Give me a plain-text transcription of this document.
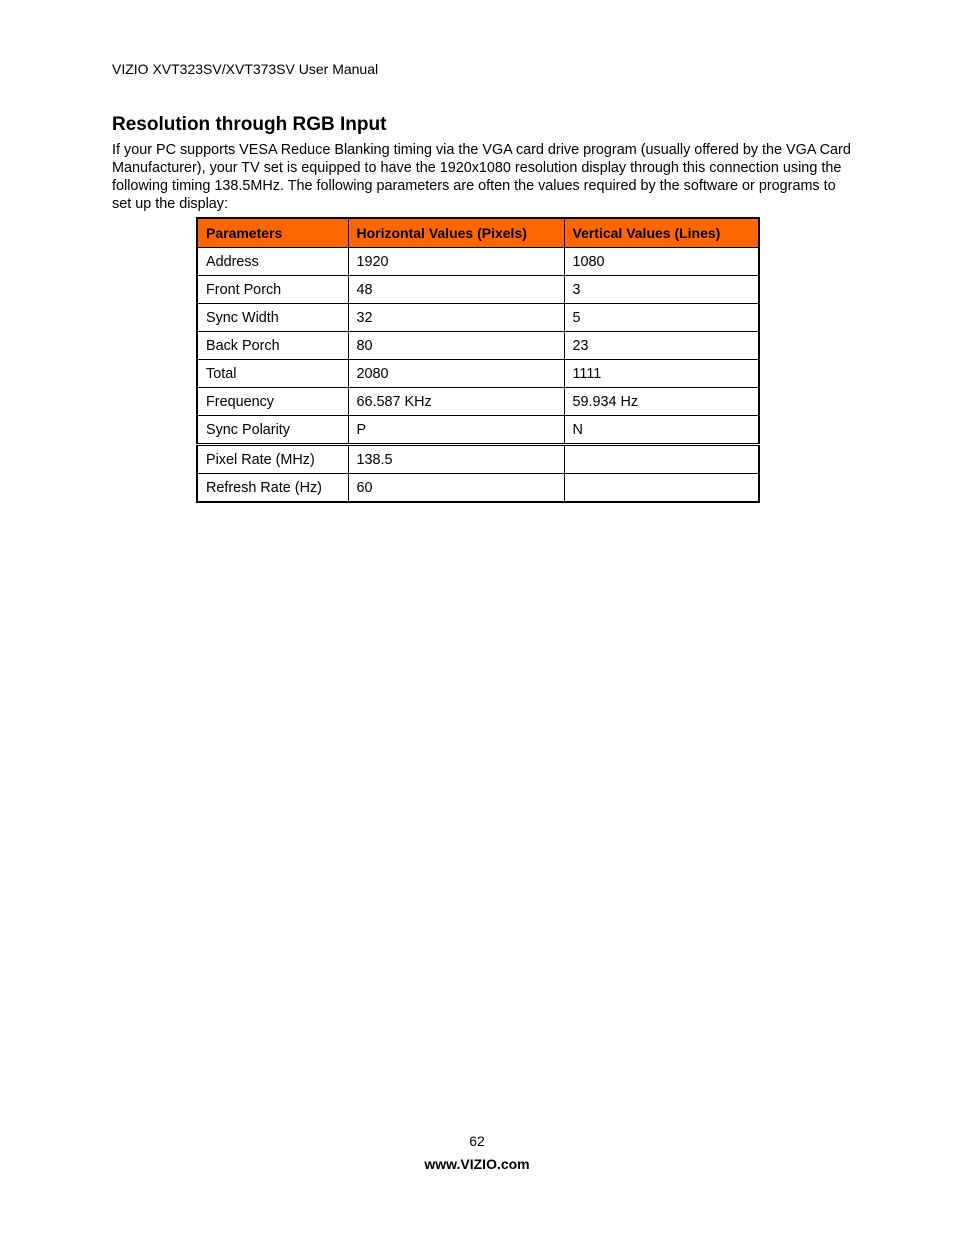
VIZIO XVT323SV/XVT373SV User Manual
Resolution through RGB Input

If your PC supports VESA Reduce Blanking timing via the VGA card drive program (usually offered by the VGA Card Manufacturer), your TV set is equipped to have the 1920x1080 resolution display through this connection using the following timing 138.5MHz. The following parameters are often the values required by the software or programs to set up the display:

Parameters	Horizontal Values (Pixels)	Vertical Values (Lines)
Address	1920	1080
Front Porch	48	3
Sync Width	32	5
Back Porch	80	23
Total	2080	1111
Frequency	66.587 KHz	59.934 Hz
Sync Polarity	P	N
Pixel Rate (MHz)	138.5	
Refresh Rate (Hz)	60	
62
www.VIZIO.com
